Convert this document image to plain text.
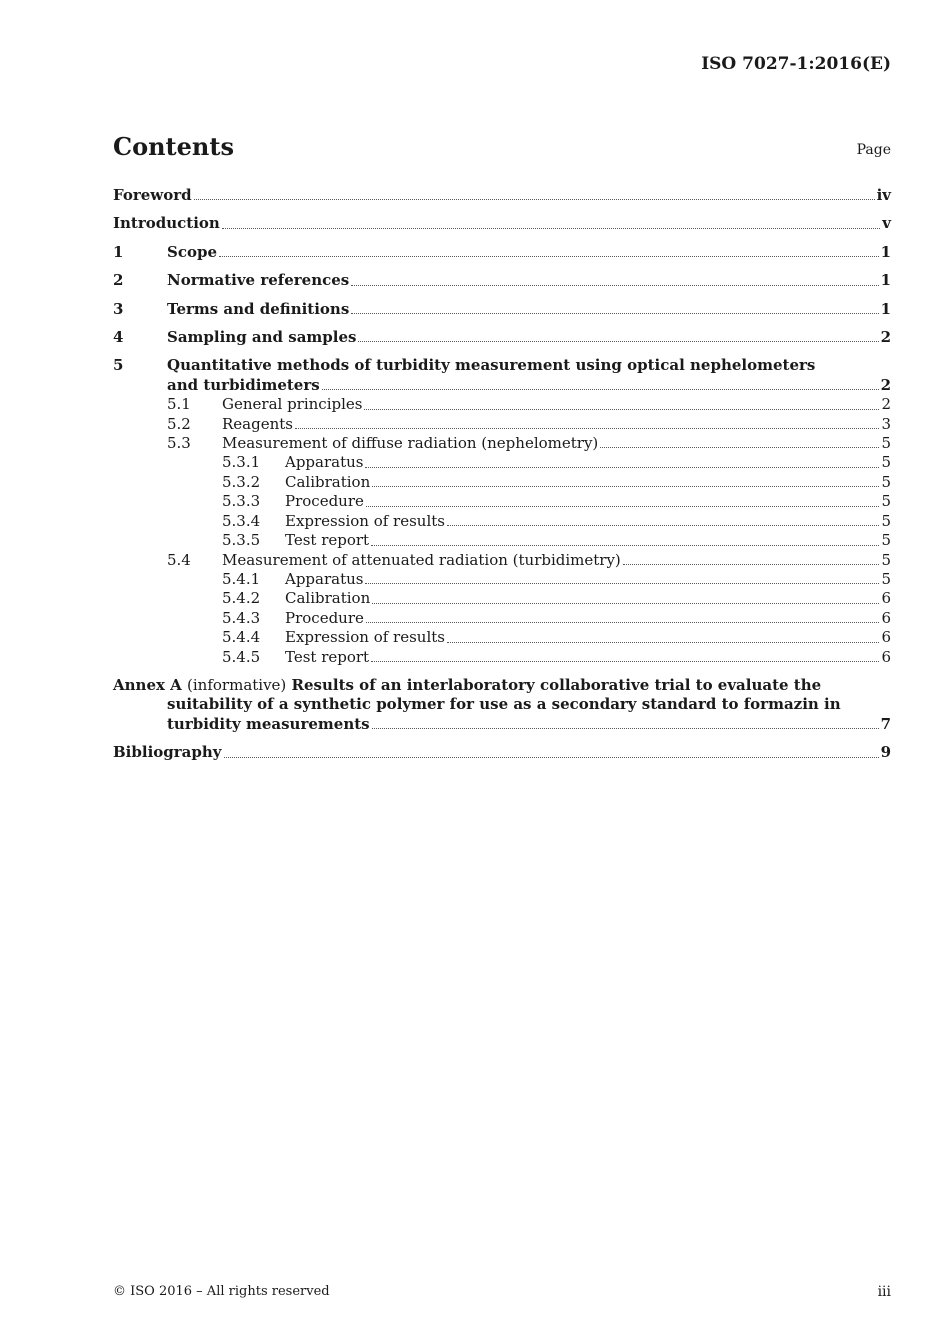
ISO 7027-1:2016(E)
Contents	Page
Foreword	iv
Introduction	v
1	Scope	1
2	Normative references	1
3	Terms and definitions	1
4	Sampling and samples	2
5	Quantitative methods of turbidity measurement using optical nephelometers
and turbidimeters	2
5.1	General principles	2
5.2	Reagents	3
5.3	Measurement of diffuse radiation (nephelometry)	5
5.3.1	Apparatus	5
5.3.2	Calibration	5
5.3.3	Procedure	5
5.3.4	Expression of results	5
5.3.5	Test report	5
5.4	Measurement of attenuated radiation (turbidimetry)	5
5.4.1	Apparatus	5
5.4.2	Calibration	6
5.4.3	Procedure	6
5.4.4	Expression of results	6
5.4.5	Test report	6
Annex A (informative) Results of an interlaboratory collaborative trial to evaluate the
suitability of a synthetic polymer for use as a secondary standard to formazin in
turbidity measurements	7
Bibliography	9
© ISO 2016 – All rights reserved	iii
